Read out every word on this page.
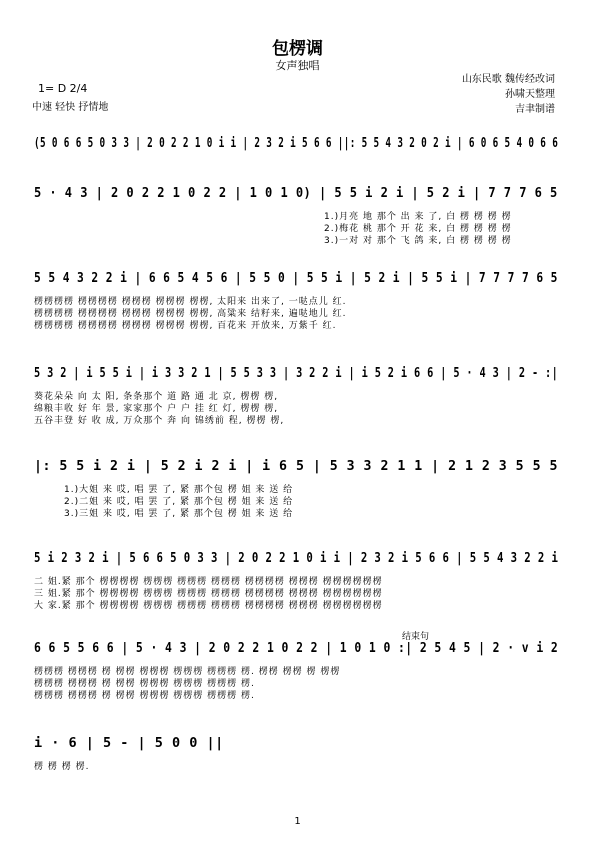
包楞调
女声独唱
1= D 2/4
中速 轻快 抒情地
山东民歌 魏传经改词
孙啸天整理
吉聿制谱
(5 0 6 6 5 0 3 3 | 2 0 2 2 1 0 i i | 2 3 2 i 5 6 6 ||: 5 5 4 3 2 0 2 i | 6 0 6 5 4 0 6 6
5 · 4 3 | 2 0 2 2 1 0 2 2 | 1 0 1 0) | 5 5 i 2 i | 5 2 i | 7 7 7 6 5
1.)月亮 地 那个 出 来 了, 白 楞 楞 楞 楞
2.)梅花 桃 那个 开 花 来, 白 楞 楞 楞 楞
3.)一对 对 那个 飞 鸽 来, 白 楞 楞 楞 楞
5 5 4 3 2 2 i | 6 6 5 4 5 6 | 5 5 0 | 5 5 i | 5 2 i | 5 5 i | 7 7 7 7 6 5
楞楞楞楞 楞楞楞楞 楞楞楞 楞楞楞 楞楞, 太阳来 出来了, 一哒点儿 红.
楞楞楞楞 楞楞楞楞 楞楞楞 楞楞楞 楞楞, 高粱来 结籽来, 遍哒地儿 红.
楞楞楞楞 楞楞楞楞 楞楞楞 楞楞楞 楞楞, 百花来 开放来, 万紫千 红.
5 3 2 | i 5 5 i | i 3 3 2 1 | 5 5 3 3 | 3 2 2 i | i 5 2 i 6 6 | 5 · 4 3 | 2 - :|
葵花朵朵 向 太 阳, 条条那个 道 路 通 北 京, 楞楞 楞,
绵粮丰收 好 年 景, 家家那个 户 户 挂 红 灯, 楞楞 楞,
五谷丰登 好 收 成, 万众那个 奔 向 锦绣前 程, 楞楞 楞,
|: 5 5 i 2 i | 5 2 i 2 i | i 6 5 | 5 3 3 2 1 1 | 2 1 2 3 5 5 5
1.)大姐 来 哎, 唱 罢 了, 紧 那个包 楞 姐 来 送 给
2.)二姐 来 哎, 唱 罢 了, 紧 那个包 楞 姐 来 送 给
3.)三姐 来 哎, 唱 罢 了, 紧 那个包 楞 姐 来 送 给
5 i 2 3 2 i | 5 6 6 5 0 3 3 | 2 0 2 2 1 0 i i | 2 3 2 i 5 6 6 | 5 5 4 3 2 2 i
二 姐.紧 那个 楞楞楞楞 楞楞楞 楞楞楞 楞楞楞 楞楞楞楞 楞楞楞 楞楞楞楞楞楞
三 姐.紧 那个 楞楞楞楞 楞楞楞 楞楞楞 楞楞楞 楞楞楞楞 楞楞楞 楞楞楞楞楞楞
大 家.紧 那个 楞楞楞楞 楞楞楞 楞楞楞 楞楞楞 楞楞楞楞 楞楞楞 楞楞楞楞楞楞
6 6 5 5 6 6 | 5 · 4 3 | 2 0 2 2 1 0 2 2 | 1 0 1 0 :| 2 5 4 5 | 2 · v i 2
楞楞楞 楞楞楞 楞 楞楞 楞楞楞 楞楞楞 楞楞楞 楞. 楞楞 楞楞 楞 楞楞
楞楞楞 楞楞楞 楞 楞楞 楞楞楞 楞楞楞 楞楞楞 楞.
楞楞楞 楞楞楞 楞 楞楞 楞楞楞 楞楞楞 楞楞楞 楞.
i · 6 | 5 - | 5 0 0 ||
楞 楞 楞 楞.
结束句
1
